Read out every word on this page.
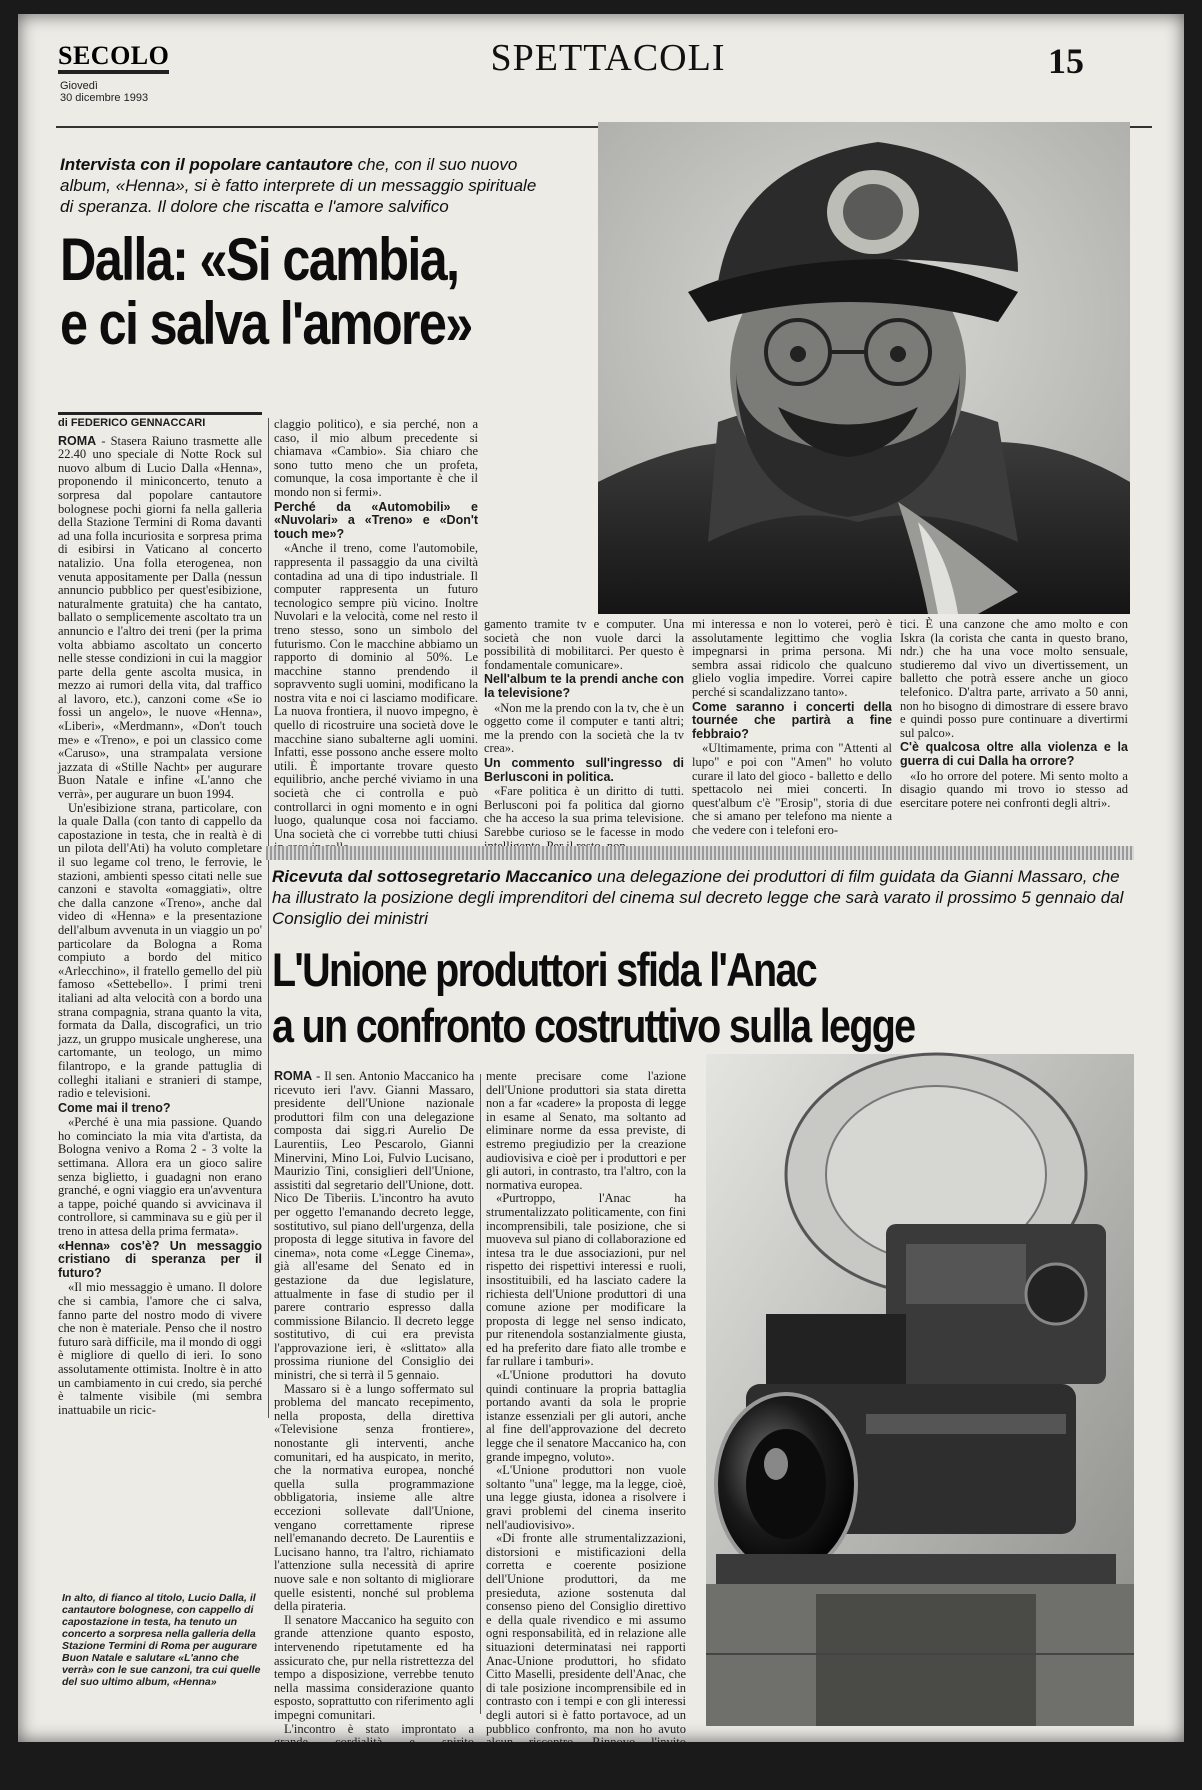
SECOLO
Giovedì
30 dicembre 1993
SPETTACOLI	15
Intervista con il popolare cantautore che, con il suo nuovo album, «Henna», si è fatto interprete di un messaggio spirituale di speranza. Il dolore che riscatta e l'amore salvifico
Dalla: «Si cambia,
e ci salva l'amore»
di FEDERICO GENNACCARI

ROMA - Stasera Raiuno trasmette alle 22.40 uno speciale di Notte Rock sul nuovo album di Lucio Dalla «Henna», proponendo il miniconcerto, tenuto a sorpresa dal popolare cantautore bolognese pochi giorni fa nella galleria della Stazione Termini di Roma davanti ad una folla incuriosita e sorpresa prima di esibirsi in Vaticano al concerto natalizio. Una folla eterogenea, non venuta appositamente per Dalla (nessun annuncio pubblico per quest'esibizione, naturalmente gratuita) che ha cantato, ballato o semplicemente ascoltato tra un annuncio e l'altro dei treni (per la prima volta abbiamo ascoltato un concerto nelle stesse condizioni in cui la maggior parte della gente ascolta musica, in mezzo ai rumori della vita, dal traffico al lavoro, etc.), canzoni come «Se io fossi un angelo», le nuove «Henna», «Liberi», «Merdmann», «Don't touch me» e «Treno», e poi un classico come «Caruso», una strampalata versione jazzata di «Stille Nacht» per augurare Buon Natale e infine «L'anno che verrà», per augurare un buon 1994.

Un'esibizione strana, particolare, con la quale Dalla (con tanto di cappello da capostazione in testa, che in realtà è di un pilota dell'Ati) ha voluto completare il suo legame col treno, le ferrovie, le stazioni, ambienti spesso citati nelle sue canzoni e stavolta «omaggiati», oltre che dalla canzone «Treno», anche dal video di «Henna» e la presentazione dell'album avvenuta in un viaggio un po' particolare da Bologna a Roma compiuto a bordo del mitico «Arlecchino», il fratello gemello del più famoso «Settebello». I primi treni italiani ad alta velocità con a bordo una strana compagnia, strana quanto la vita, formata da Dalla, discografici, un trio jazz, un gruppo musicale ungherese, una cartomante, un teologo, un mimo filantropo, e la grande pattuglia di colleghi italiani e stranieri di stampe, radio e televisioni.

Come mai il treno?

«Perché è una mia passione. Quando ho cominciato la mia vita d'artista, da Bologna venivo a Roma 2 - 3 volte la settimana. Allora era un gioco salire senza biglietto, i guadagni non erano granché, e ogni viaggio era un'avventura a tappe, poiché quando si avvicinava il controllore, si camminava su e giù per il treno in attesa della prima fermata».

«Henna» cos'è? Un messaggio cristiano di speranza per il futuro?

«Il mio messaggio è umano. Il dolore che si cambia, l'amore che ci salva, fanno parte del nostro modo di vivere che non è materiale. Penso che il nostro futuro sarà difficile, ma il mondo di oggi è migliore di quello di ieri. Io sono assolutamente ottimista. Inoltre è in atto un cambiamento in cui credo, sia perché è talmente visibile (mi sembra inattuabile un ricic-

claggio politico), e sia perché, non a caso, il mio album precedente si chiamava «Cambio». Sia chiaro che sono tutto meno che un profeta, comunque, la cosa importante è che il mondo non si fermi».

Perché da «Automobili» e «Nuvolari» a «Treno» e «Don't touch me»?

«Anche il treno, come l'automobile, rappresenta il passaggio da una civiltà contadina ad una di tipo industriale. Il computer rappresenta un futuro tecnologico sempre più vicino. Inoltre Nuvolari e la velocità, come nel resto il treno stesso, sono un simbolo del futurismo. Con le macchine abbiamo un rapporto di dominio al 50%. Le macchine stanno prendendo il sopravvento sugli uomini, modificano la nostra vita e noi ci lasciamo modificare. La nuova frontiera, il nuovo impegno, è quello di ricostruire una società dove le macchine siano subalterne agli uomini. Infatti, esse possono anche essere molto utili. È importante trovare questo equilibrio, anche perché viviamo in una società che ci controlla e può controllarci in ogni momento e in ogni luogo, qualunque cosa noi facciamo. Una società che ci vorrebbe tutti chiusi

gamento tramite tv e computer. Una società che non vuole darci la possibilità di mobilitarci. Per questo è fondamentale comunicare».

Nell'album te la prendi anche con la televisione?

«Non me la prendo con la tv, che è un oggetto come il computer e tanti altri; me la prendo con la società che la tv crea».

Un commento sull'ingresso di Berlusconi in politica.

«Fare politica è un diritto di tutti. Berlusconi poi fa politica dal giorno che ha acceso la sua prima televisione. Sarebbe curioso se le facesse in modo

mi interessa e non lo voterei, però è assolutamente legittimo che voglia impegnarsi in prima persona. Mi sembra assai ridicolo che qualcuno glielo voglia impedire. Vorrei capire perché si scandalizzano tanto».

Come saranno i concerti della tournée che partirà a fine febbraio?

«Ultimamente, prima con "Attenti al lupo" e poi con "Amen" ho voluto curare il lato del gioco - balletto e dello spettacolo nei miei concerti. In quest'album c'è "Erosip", storia di due che si amano per telefono ma niente a che vedere con i telefoni ero-

tici. È una canzone che amo molto e con Iskra (la corista che canta in questo brano, ndr.) che ha una voce molto sensuale, studieremo dal vivo un divertissement, un balletto che potrà essere anche un gioco telefonico. D'altra parte, arrivato a 50 anni, non ho bisogno di dimostrare di essere bravo e quindi posso pure continuare a divertirmi sul palco».

C'è qualcosa oltre alla violenza e la guerra di cui Dalla ha orrore?

«Io ho orrore del potere. Mi sento molto a disagio quando mi trovo io stesso ad esercitare potere nei confronti degli altri».

In alto, di fianco al titolo, Lucio Dalla, il cantautore bolognese, con cappello di capostazione in testa, ha tenuto un concerto a sorpresa nella galleria della Stazione Termini di Roma per augurare Buon Natale e salutare «L'anno che verrà» con le sue canzoni, tra cui quelle del suo ultimo album, «Henna»
Ricevuta dal sottosegretario Maccanico una delegazione dei produttori di film guidata da Gianni Massaro, che ha illustrato la posizione degli imprenditori del cinema sul decreto legge che sarà varato il prossimo 5 gennaio dal Consiglio dei ministri
L'Unione produttori sfida l'Anac
a un confronto costruttivo sulla legge

ROMA - Il sen. Antonio Maccanico ha ricevuto ieri l'avv. Gianni Massaro, presidente dell'Unione nazionale produttori film con una delegazione composta dai sigg.ri Aurelio De Laurentiis, Leo Pescarolo, Gianni Minervini, Mino Loi, Fulvio Lucisano, Maurizio Tini, consiglieri dell'Unione, assistiti dal segretario dell'Unione, dott. Nico De Tiberiis. L'incontro ha avuto per oggetto l'emanando decreto legge, sostitutivo, sul piano dell'urgenza, della proposta di legge situtiva in favore del cinema», nota come «Legge Cinema», già all'esame del Senato ed in gestazione da due legislature, attualmente in fase di studio per il parere contrario espresso dalla commissione Bilancio. Il decreto legge sostitutivo, di cui era prevista l'approvazione ieri, è «slittato» alla prossima riunione del Consiglio dei ministri, che si terrà il 5 gennaio.

Massaro si è a lungo soffermato sul problema del mancato recepimento, nella proposta, della direttiva «Televisione senza frontiere», nonostante gli interventi, anche comunitari, ed ha auspicato, in merito, che la normativa europea, nonché quella sulla programmazione obbligatoria, insieme alle altre eccezioni sollevate dall'Unione, vengano correttamente riprese nell'emanando decreto. De Laurentiis e Lucisano hanno, tra l'altro, richiamato l'attenzione sulla necessità di aprire nuove sale e non soltanto di migliorare quelle esistenti, nonché sul problema della pirateria.

Il senatore Maccanico ha seguito con grande attenzione quanto esposto, intervenendo ripetutamente ed ha assicurato che, pur nella ristrettezza del tempo a disposizione, verrebbe tenuto nella massima considerazione quanto esposto, soprattutto con riferimento agli impegni comunitari.

L'incontro è stato improntato a grande cordialità e spirito collaborativo. Interpellato dopo l'incontro, l'avv. Massaro ha voluto ulterior-

mente precisare come l'azione dell'Unione produttori sia stata diretta non a far «cadere» la proposta di legge in esame al Senato, ma soltanto ad eliminare norme da essa previste, di estremo pregiudizio per la creazione audiovisiva e cioè per i produttori e per gli autori, in contrasto, tra l'altro, con la normativa europea.

«Purtroppo, l'Anac ha strumentalizzato politicamente, con fini incomprensibili, tale posizione, che si muoveva sul piano di collaborazione ed intesa tra le due associazioni, pur nel rispetto dei rispettivi interessi e ruoli, insostituibili, ed ha lasciato cadere la richiesta dell'Unione produttori di una comune azione per modificare la proposta di legge nel senso indicato, pur ritenendola sostanzialmente giusta, ed ha preferito dare fiato alle trombe e far rullare i tamburi».

«L'Unione produttori ha dovuto quindi continuare la propria battaglia portando avanti da sola le proprie istanze essenziali per gli autori, anche al fine dell'approvazione del decreto legge che il senatore Maccanico ha, con grande impegno, voluto».

«L'Unione produttori non vuole soltanto "una" legge, ma la legge, cioè, una legge giusta, idonea a risolvere i gravi problemi del cinema inserito nell'audiovisivo».

«Di fronte alle strumentalizzazioni, distorsioni e mistificazioni della corretta e coerente posizione dell'Unione produttori, da me presieduta, azione sostenuta dal consenso pieno del Consiglio direttivo e della quale rivendico e mi assumo ogni responsabilità, ed in relazione alle situazioni determinatasi nei rapporti Anac-Unione produttori, ho sfidato Citto Maselli, presidente dell'Anac, che di tale posizione incomprensibile ed in contrasto con i tempi e con gli interessi degli autori si è fatto portavoce, ad un pubblico confronto, ma non ho avuto alcun riscontro. Rinnovo l'invito formalmente anche attraverso
